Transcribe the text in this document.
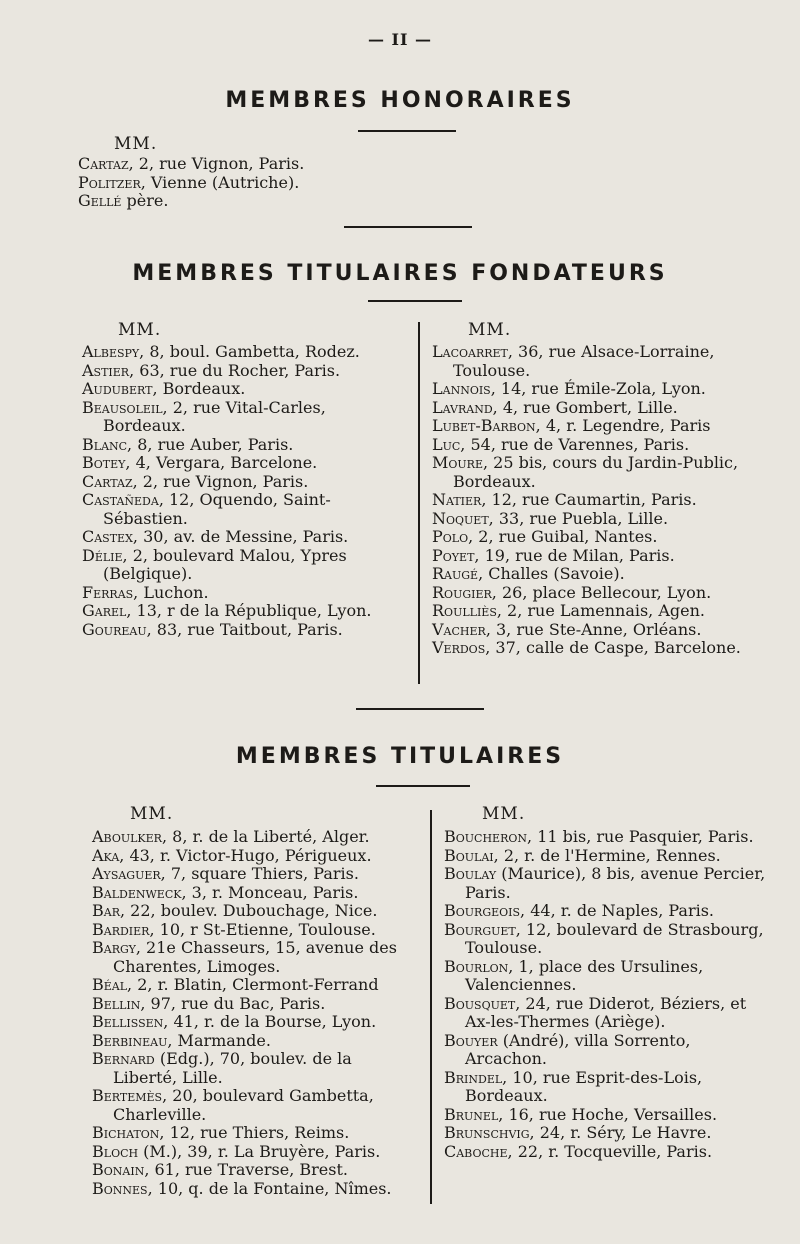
— II —
MEMBRES HONORAIRES
MM.
Cartaz, 2, rue Vignon, Paris.
Politzer, Vienne (Autriche).
Gellé père.
MEMBRES TITULAIRES FONDATEURS
MM.	MM.
Albespy, 8, boul. Gambetta, Rodez.
Astier, 63, rue du Rocher, Paris.
Audubert, Bordeaux.
Beausoleil, 2, rue Vital-Carles, Bordeaux.
Blanc, 8, rue Auber, Paris.
Botey, 4, Vergara, Barcelone.
Cartaz, 2, rue Vignon, Paris.
Castañeda, 12, Oquendo, Saint-Sébastien.
Castex, 30, av. de Messine, Paris.
Délie, 2, boulevard Malou, Ypres (Belgique).
Ferras, Luchon.
Garel, 13, r de la République, Lyon.
Goureau, 83, rue Taitbout, Paris.
Lacoarret, 36, rue Alsace-Lorraine, Toulouse.
Lannois, 14, rue Émile-Zola, Lyon.
Lavrand, 4, rue Gombert, Lille.
Lubet-Barbon, 4, r. Legendre, Paris
Luc, 54, rue de Varennes, Paris.
Moure, 25 bis, cours du Jardin-Public, Bordeaux.
Natier, 12, rue Caumartin, Paris.
Noquet, 33, rue Puebla, Lille.
Polo, 2, rue Guibal, Nantes.
Poyet, 19, rue de Milan, Paris.
Raugé, Challes (Savoie).
Rougier, 26, place Bellecour, Lyon.
Roulliès, 2, rue Lamennais, Agen.
Vacher, 3, rue Ste-Anne, Orléans.
Verdos, 37, calle de Caspe, Barcelone.
MEMBRES TITULAIRES
MM.	MM.
Aboulker, 8, r. de la Liberté, Alger.
Aka, 43, r. Victor-Hugo, Périgueux.
Aysaguer, 7, square Thiers, Paris.
Baldenweck, 3, r. Monceau, Paris.
Bar, 22, boulev. Dubouchage, Nice.
Bardier, 10, r St-Etienne, Toulouse.
Bargy, 21e Chasseurs, 15, avenue des Charentes, Limoges.
Béal, 2, r. Blatin, Clermont-Ferrand
Bellin, 97, rue du Bac, Paris.
Bellissen, 41, r. de la Bourse, Lyon.
Berbineau, Marmande.
Bernard (Edg.), 70, boulev. de la Liberté, Lille.
Bertemès, 20, boulevard Gambetta, Charleville.
Bichaton, 12, rue Thiers, Reims.
Bloch (M.), 39, r. La Bruyère, Paris.
Bonain, 61, rue Traverse, Brest.
Bonnes, 10, q. de la Fontaine, Nîmes.
Boucheron, 11 bis, rue Pasquier, Paris.
Boulai, 2, r. de l'Hermine, Rennes.
Boulay (Maurice), 8 bis, avenue Percier, Paris.
Bourgeois, 44, r. de Naples, Paris.
Bourguet, 12, boulevard de Strasbourg, Toulouse.
Bourlon, 1, place des Ursulines, Valenciennes.
Bousquet, 24, rue Diderot, Béziers, et Ax-les-Thermes (Ariège).
Bouyer (André), villa Sorrento, Arcachon.
Brindel, 10, rue Esprit-des-Lois, Bordeaux.
Brunel, 16, rue Hoche, Versailles.
Brunschvig, 24, r. Séry, Le Havre.
Caboche, 22, r. Tocqueville, Paris.
